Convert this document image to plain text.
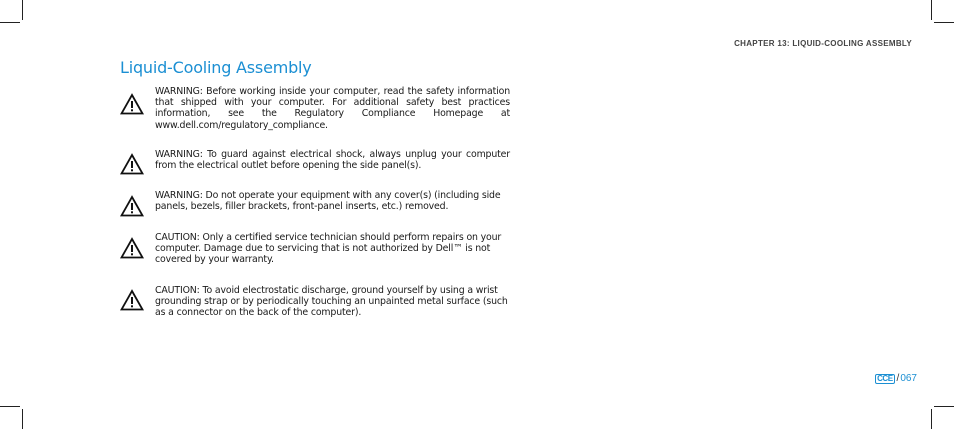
CHAPTER 13: LIQUID-COOLING ASSEMBLY
Liquid-Cooling Assembly
WARNING: Before working inside your computer, read the safety information that shipped with your computer. For additional safety best practices information, see the Regulatory Compliance Homepage at www.dell.com/regulatory_compliance.
WARNING: To guard against electrical shock, always unplug your computer from the electrical outlet before opening the side panel(s).
WARNING: Do not operate your equipment with any cover(s) (including side panels, bezels, filler brackets, front-panel inserts, etc.) removed.
CAUTION: Only a certified service technician should perform repairs on your computer. Damage due to servicing that is not authorized by Dell™ is not covered by your warranty.
CAUTION: To avoid electrostatic discharge, ground yourself by using a wrist grounding strap or by periodically touching an unpainted metal surface (such as a connector on the back of the computer).
CCE / 067
